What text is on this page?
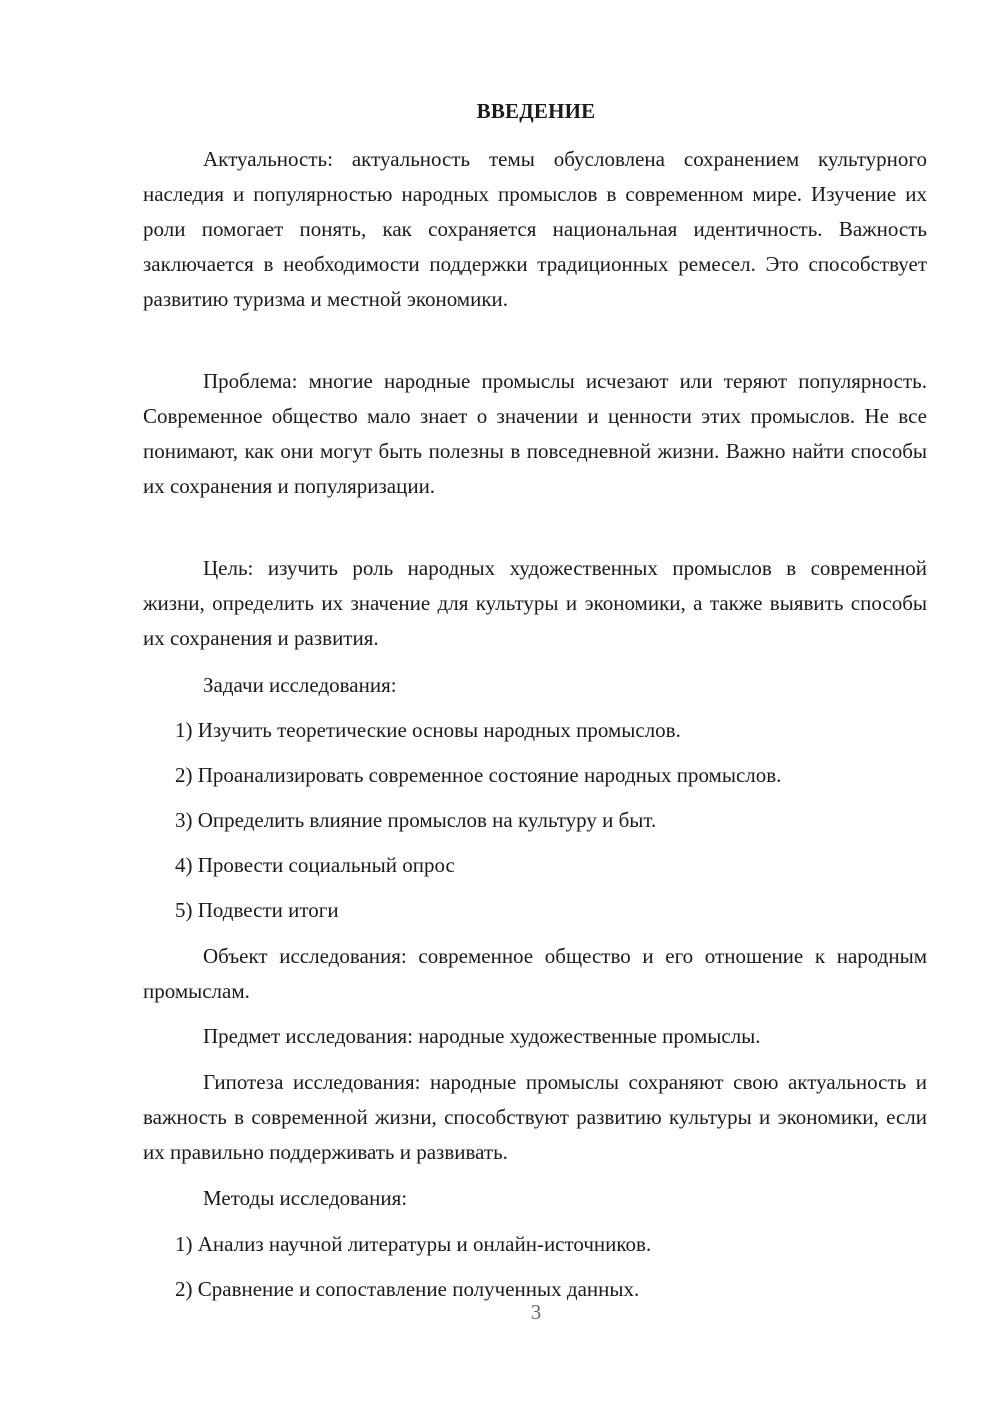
ВВЕДЕНИЕ

Актуальность: актуальность темы обусловлена сохранением культурного наследия и популярностью народных промыслов в современном мире. Изучение их роли помогает понять, как сохраняется национальная идентичность. Важность заключается в необходимости поддержки традиционных ремесел. Это способствует развитию туризма и местной экономики.

Проблема: многие народные промыслы исчезают или теряют популярность. Современное общество мало знает о значении и ценности этих промыслов. Не все понимают, как они могут быть полезны в повседневной жизни. Важно найти способы их сохранения и популяризации.

Цель: изучить роль народных художественных промыслов в современной жизни, определить их значение для культуры и экономики, а также выявить способы их сохранения и развития.

Задачи исследования:
1) Изучить теоретические основы народных промыслов.
2) Проанализировать современное состояние народных промыслов.
3) Определить влияние промыслов на культуру и быт.
4) Провести социальный опрос
5) Подвести итоги

Объект исследования: современное общество и его отношение к народным промыслам.

Предмет исследования: народные художественные промыслы.

Гипотеза исследования: народные промыслы сохраняют свою актуальность и важность в современной жизни, способствуют развитию культуры и экономики, если их правильно поддерживать и развивать.

Методы исследования:
1) Анализ научной литературы и онлайн-источников.
2) Сравнение и сопоставление полученных данных.
3
